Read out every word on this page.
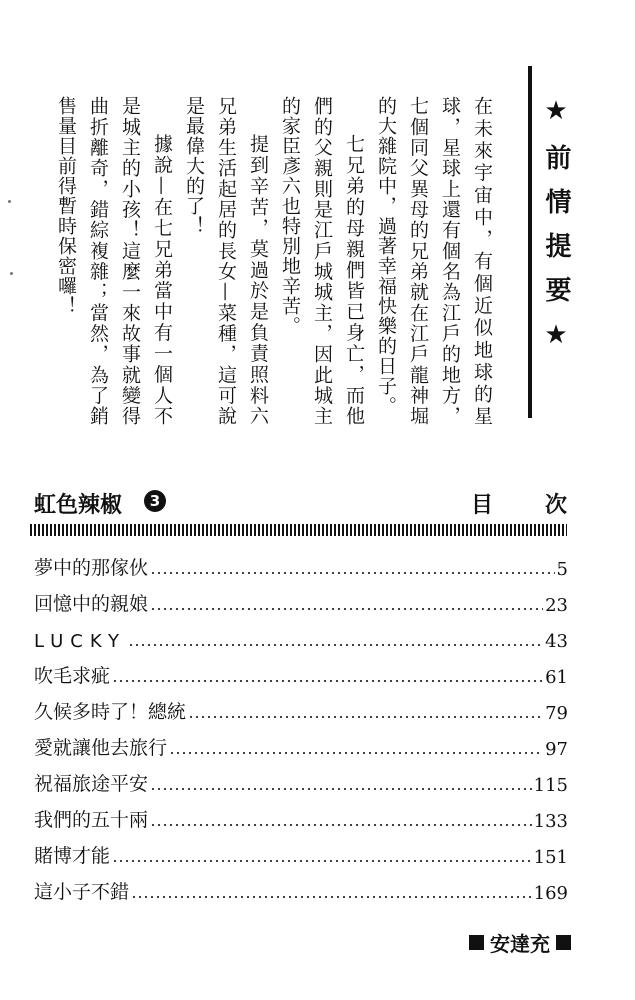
★前情提要★

在未來宇宙中，有個近似地球的星球，星球上還有個名為江戶的地方，七個同父異母的兄弟就在江戶龍神堀的大雜院中，過著幸福快樂的日子。

七兄弟的母親們皆已身亡，而他們的父親則是江戶城城主，因此城主的家臣彥六也特別地辛苦。

提到辛苦，莫過於是負責照料六兄弟生活起居的長女—菜種，這可說是最偉大的了！

據說—在七兄弟當中有一個人不是城主的小孩！這麼一來故事就變得曲折離奇，錯綜複雜；當然，為了銷售量目前得暫時保密囉！

虹色辣椒	3	目 次
夢中的那傢伙	5
回憶中的親娘	23
LUCKY	43
吹毛求疵	61
久候多時了！總統	79
愛就讓他去旅行	97
祝福旅途平安	115
我們的五十兩	133
賭博才能	151
這小子不錯	169
安達充
